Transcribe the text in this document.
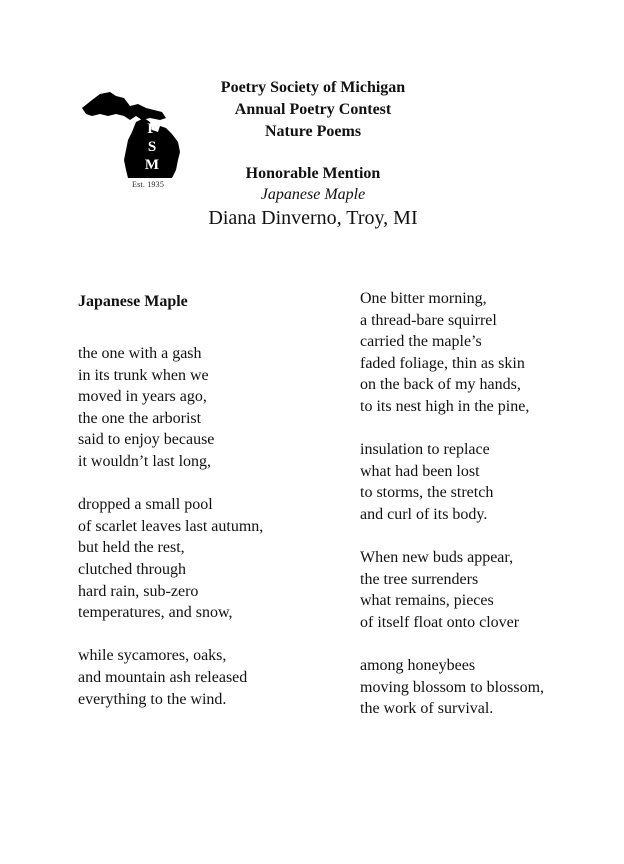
P
S
M
Est. 1935
Poetry Society of Michigan
Annual Poetry Contest
Nature Poems
Honorable Mention
Japanese Maple
Diana Dinverno, Troy, MI
Japanese Maple
the one with a gash
in its trunk when we
moved in years ago,
the one the arborist
said to enjoy because
it wouldn’t last long,
dropped a small pool
of scarlet leaves last autumn,
but held the rest,
clutched through
hard rain, sub-zero
temperatures, and snow,
while sycamores, oaks,
and mountain ash released
everything to the wind.
One bitter morning,
a thread-bare squirrel
carried the maple’s
faded foliage, thin as skin
on the back of my hands,
to its nest high in the pine,
insulation to replace
what had been lost
to storms, the stretch
and curl of its body.
When new buds appear,
the tree surrenders
what remains, pieces
of itself float onto clover
among honeybees
moving blossom to blossom,
the work of survival.
